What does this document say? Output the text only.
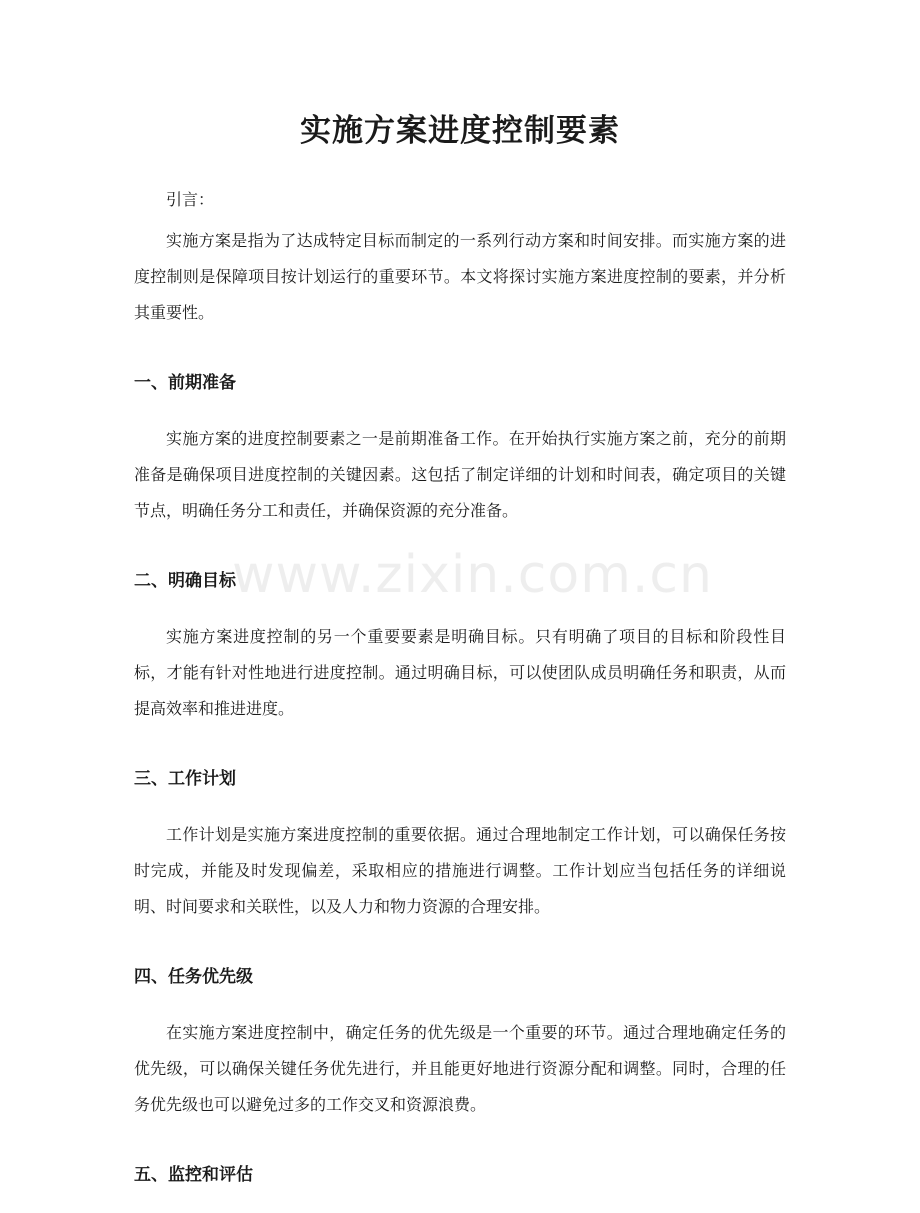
实施方案进度控制要素

引言：

实施方案是指为了达成特定目标而制定的一系列行动方案和时间安排。而实施方案的进度控制则是保障项目按计划运行的重要环节。本文将探讨实施方案进度控制的要素，并分析其重要性。

一、前期准备

实施方案的进度控制要素之一是前期准备工作。在开始执行实施方案之前，充分的前期准备是确保项目进度控制的关键因素。这包括了制定详细的计划和时间表，确定项目的关键节点，明确任务分工和责任，并确保资源的充分准备。

二、明确目标

实施方案进度控制的另一个重要要素是明确目标。只有明确了项目的目标和阶段性目标，才能有针对性地进行进度控制。通过明确目标，可以使团队成员明确任务和职责，从而提高效率和推进进度。

三、工作计划

工作计划是实施方案进度控制的重要依据。通过合理地制定工作计划，可以确保任务按时完成，并能及时发现偏差，采取相应的措施进行调整。工作计划应当包括任务的详细说明、时间要求和关联性，以及人力和物力资源的合理安排。

四、任务优先级

在实施方案进度控制中，确定任务的优先级是一个重要的环节。通过合理地确定任务的优先级，可以确保关键任务优先进行，并且能更好地进行资源分配和调整。同时，合理的任务优先级也可以避免过多的工作交叉和资源浪费。

五、监控和评估
www.zixin.com.cn
